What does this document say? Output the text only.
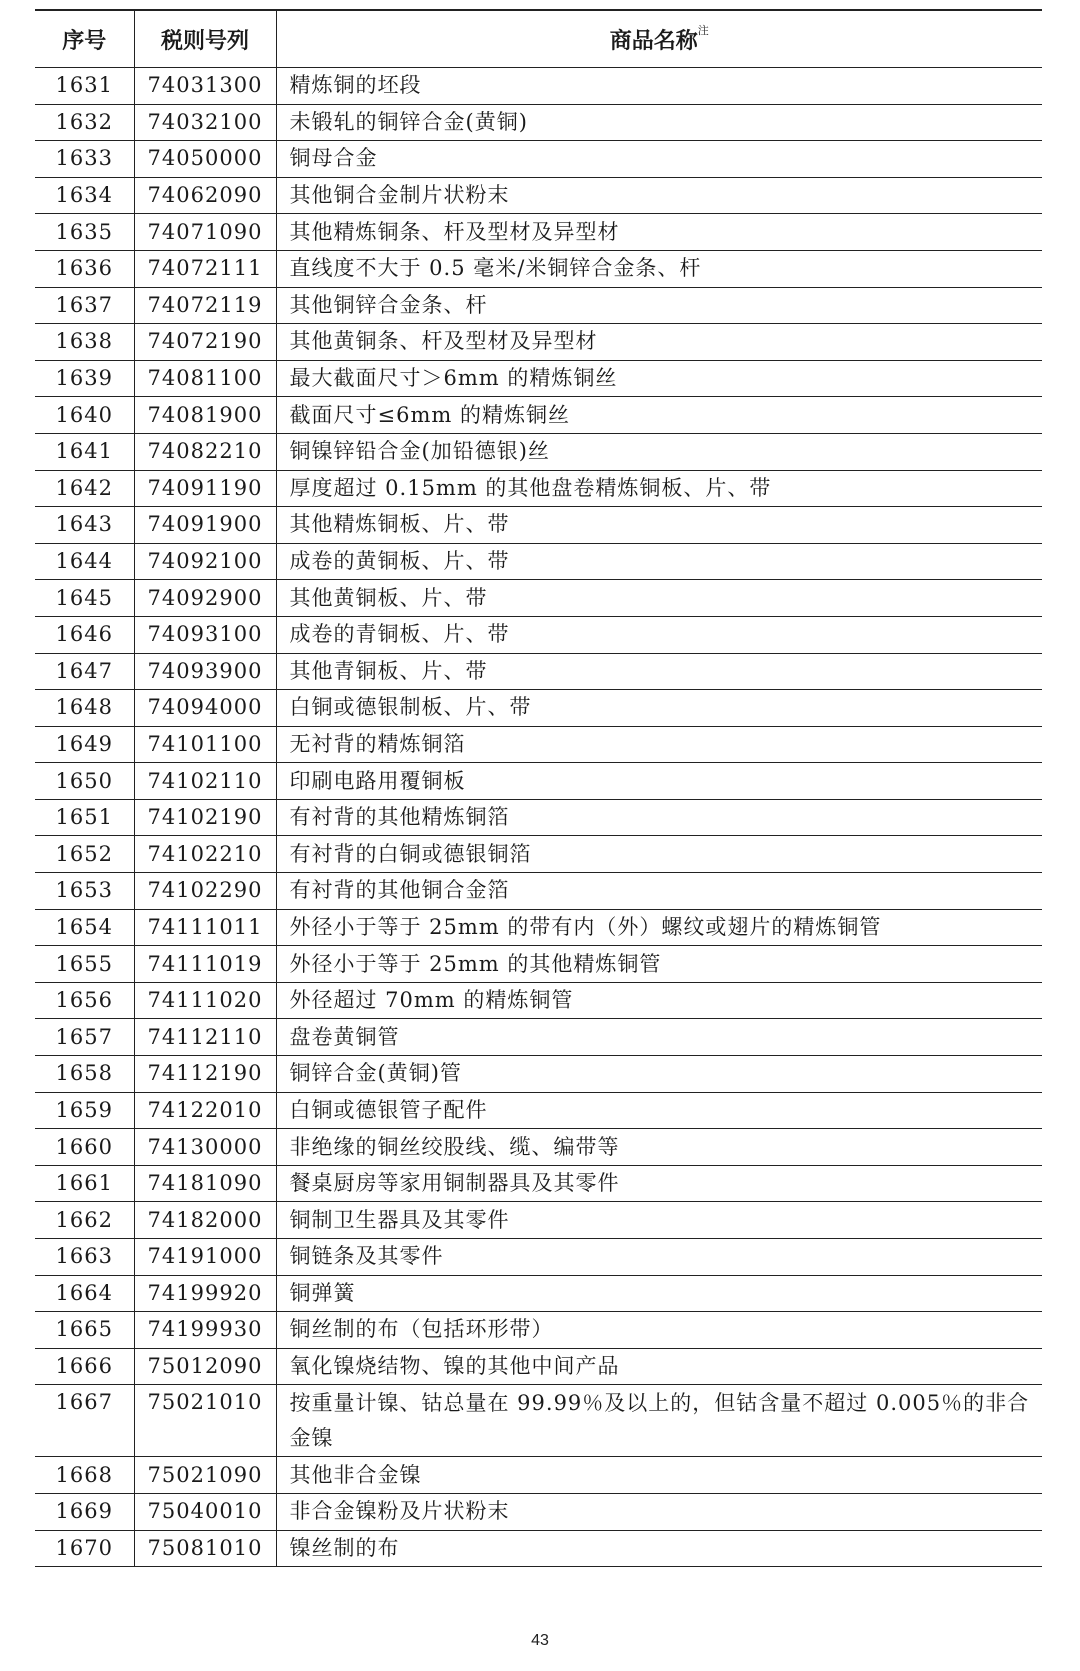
序号	税则号列	商品名称$^注$
1631	74031300	精炼铜的坯段
1632	74032100	未锻轧的铜锌合金(黄铜)
1633	74050000	铜母合金
1634	74062090	其他铜合金制片状粉末
1635	74071090	其他精炼铜条、杆及型材及异型材
1636	74072111	直线度不大于 0.5 毫米/米铜锌合金条、杆
1637	74072119	其他铜锌合金条、杆
1638	74072190	其他黄铜条、杆及型材及异型材
1639	74081100	最大截面尺寸＞6mm 的精炼铜丝
1640	74081900	截面尺寸≤6mm 的精炼铜丝
1641	74082210	铜镍锌铅合金(加铅德银)丝
1642	74091190	厚度超过 0.15mm 的其他盘卷精炼铜板、片、带
1643	74091900	其他精炼铜板、片、带
1644	74092100	成卷的黄铜板、片、带
1645	74092900	其他黄铜板、片、带
1646	74093100	成卷的青铜板、片、带
1647	74093900	其他青铜板、片、带
1648	74094000	白铜或德银制板、片、带
1649	74101100	无衬背的精炼铜箔
1650	74102110	印刷电路用覆铜板
1651	74102190	有衬背的其他精炼铜箔
1652	74102210	有衬背的白铜或德银铜箔
1653	74102290	有衬背的其他铜合金箔
1654	74111011	外径小于等于 25mm 的带有内（外）螺纹或翅片的精炼铜管
1655	74111019	外径小于等于 25mm 的其他精炼铜管
1656	74111020	外径超过 70mm 的精炼铜管
1657	74112110	盘卷黄铜管
1658	74112190	铜锌合金(黄铜)管
1659	74122010	白铜或德银管子配件
1660	74130000	非绝缘的铜丝绞股线、缆、编带等
1661	74181090	餐桌厨房等家用铜制器具及其零件
1662	74182000	铜制卫生器具及其零件
1663	74191000	铜链条及其零件
1664	74199920	铜弹簧
1665	74199930	铜丝制的布（包括环形带）
1666	75012090	氧化镍烧结物、镍的其他中间产品
1667	75021010	按重量计镍、钴总量在 99.99％及以上的，但钴含量不超过 0.005％的非合金镍
1668	75021090	其他非合金镍
1669	75040010	非合金镍粉及片状粉末
1670	75081010	镍丝制的布
43
